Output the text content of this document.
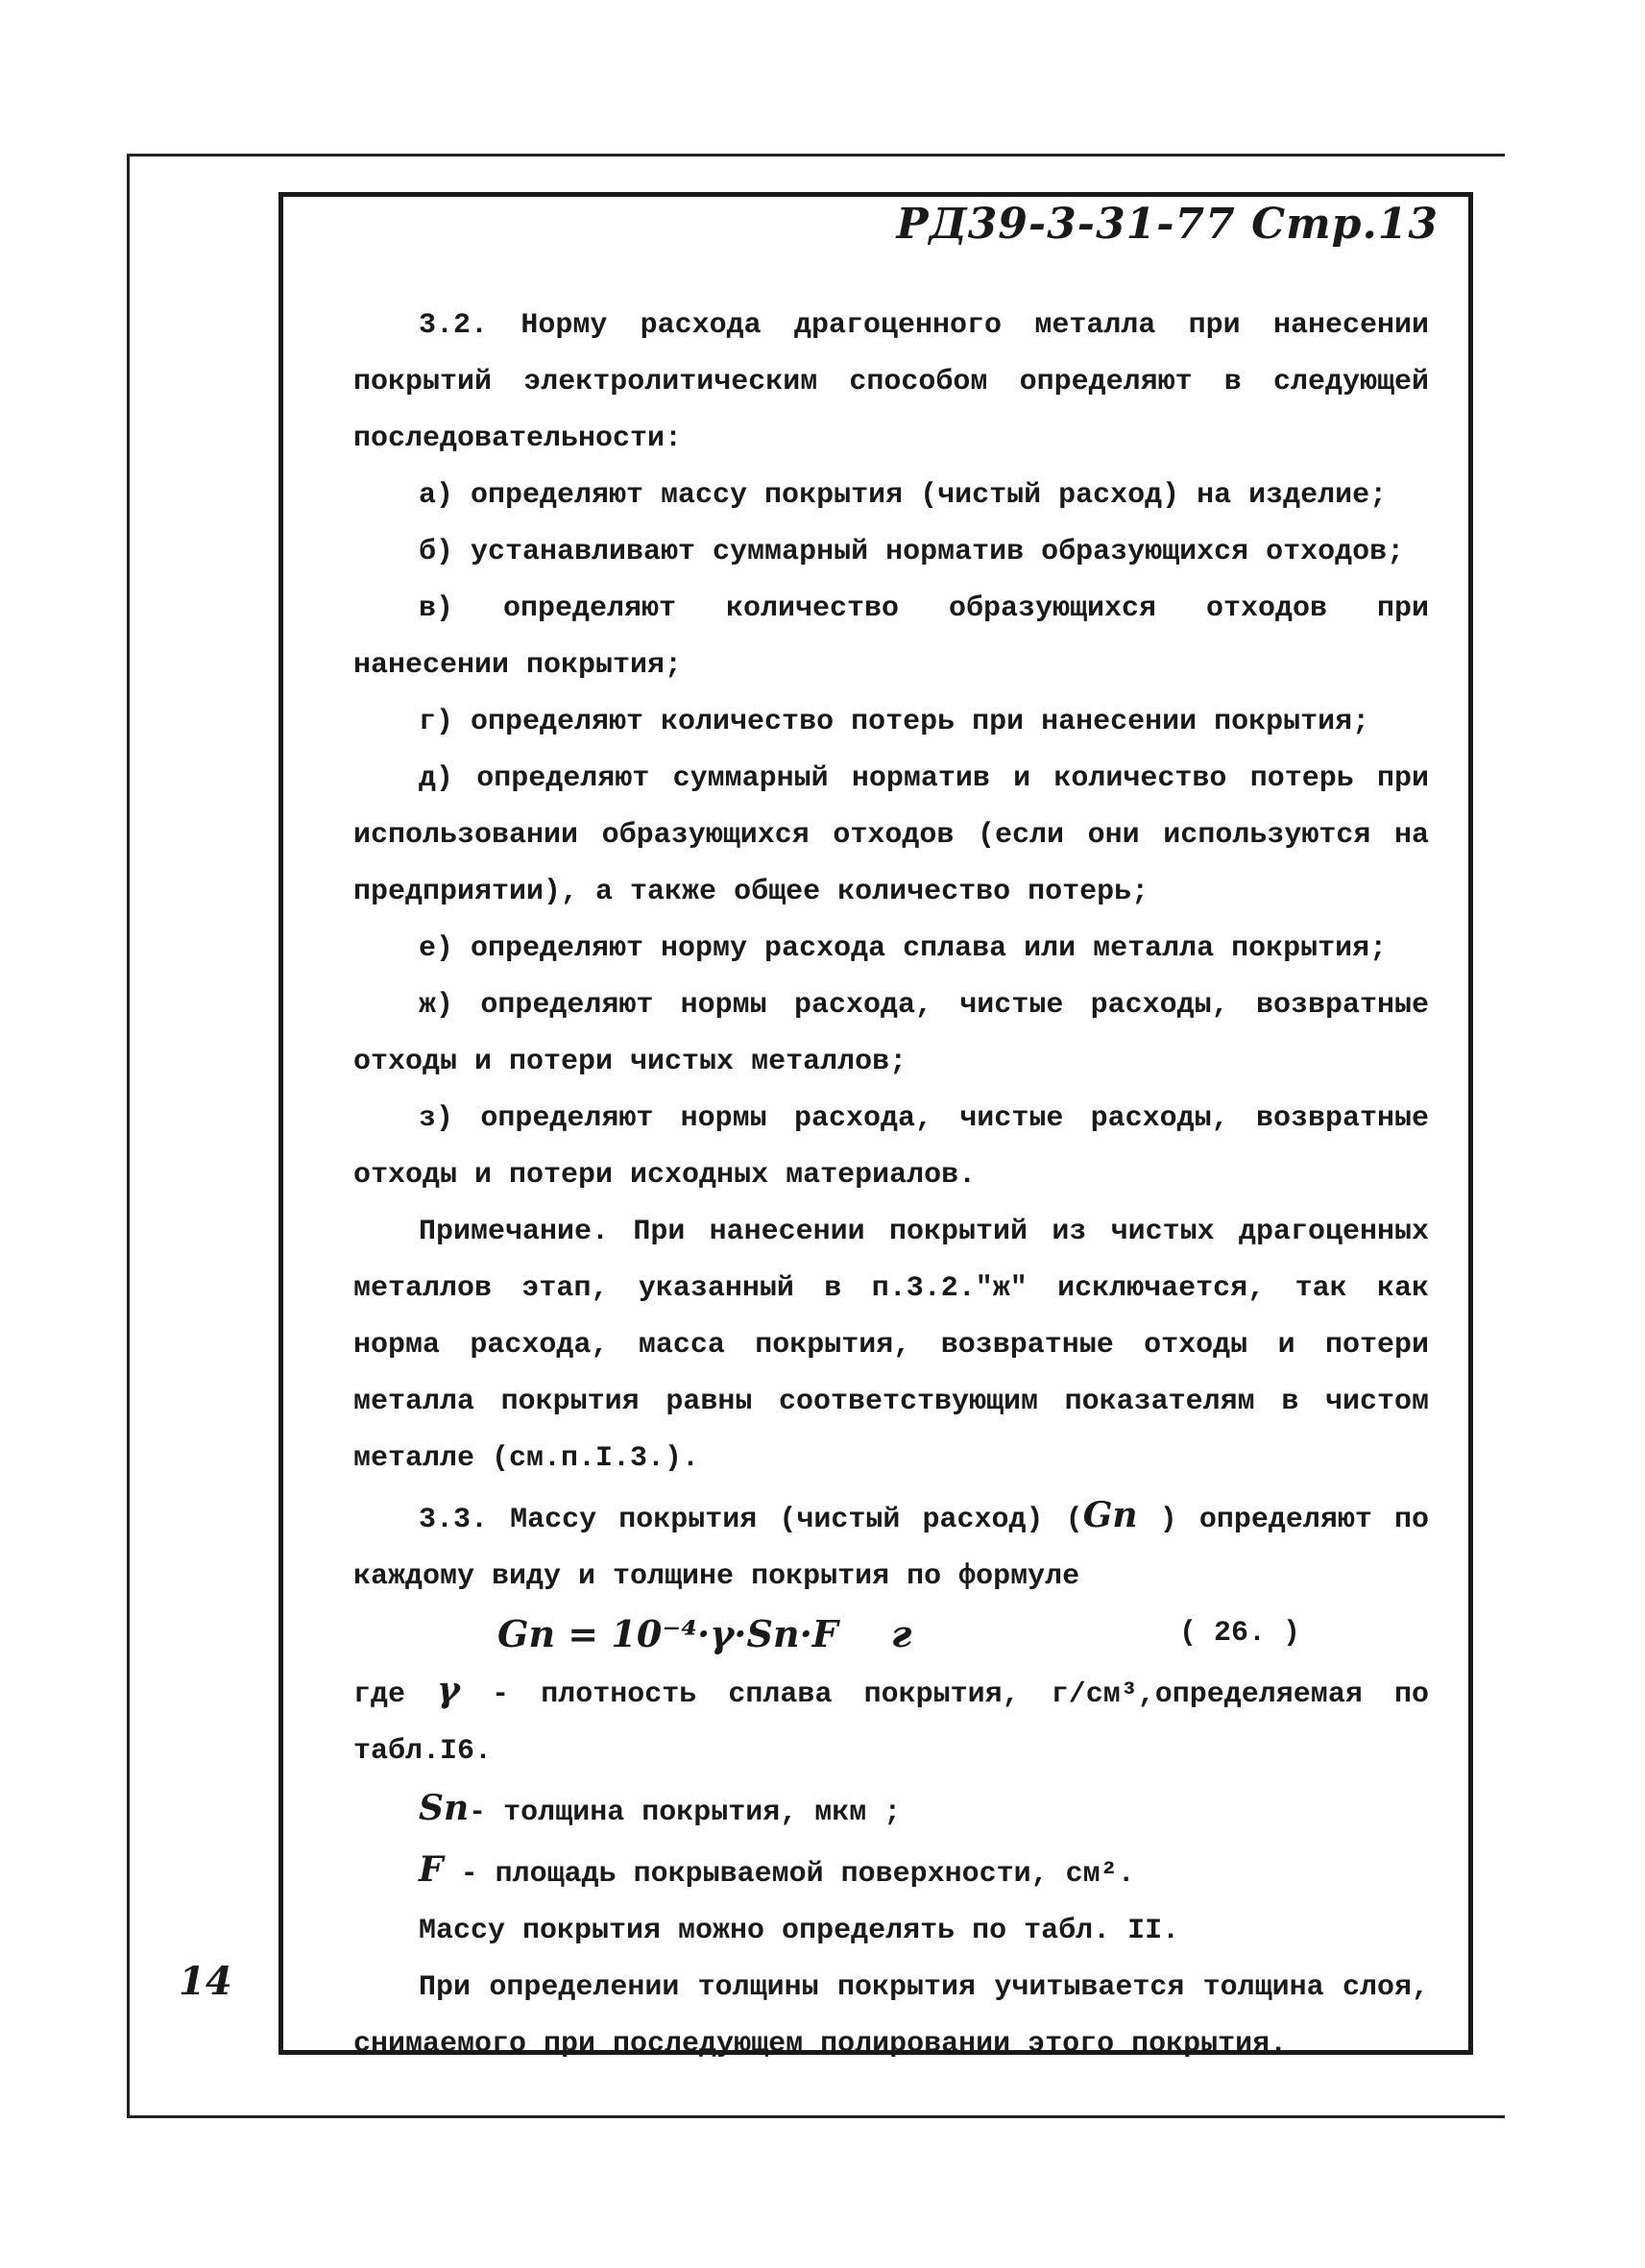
РД39-3-31-77 Стр.13

3.2. Норму расхода драгоценного металла при нанесении покрытий электролитическим способом определяют в следующей последовательности:

а) определяют массу покрытия (чистый расход) на изделие;

б) устанавливают суммарный норматив образующихся отходов;

в) определяют количество образующихся отходов при нанесении покрытия;

г) определяют количество потерь при нанесении покрытия;

д) определяют суммарный норматив и количество потерь при использовании образующихся отходов (если они используются на предприятии), а также общее количество потерь;

е) определяют норму расхода сплава или металла покрытия;

ж) определяют нормы расхода, чистые расходы, возвратные отходы и потери чистых металлов;

з) определяют нормы расхода, чистые расходы, возвратные отходы и потери исходных материалов.

Примечание. При нанесении покрытий из чистых драгоценных металлов этап, указанный в п.3.2."ж" исключается, так как норма расхода, масса покрытия, возвратные отходы и потери металла покрытия равны соответствующим показателям в чистом металле (см.п.I.3.).

3.3. Массу покрытия (чистый расход) (Gп ) определяют по каждому виду и толщине покрытия по формуле

Gп = 10⁻⁴·γ·Sп·F г	( 26. )

где γ - плотность сплава покрытия, г/см³,определяемая по табл.I6.

Sп- толщина покрытия, мкм ;

F - площадь покрываемой поверхности, см².

Массу покрытия можно определять по табл. II.

При определении толщины покрытия учитывается толщина слоя, снимаемого при последующем полировании этого покрытия.

14
